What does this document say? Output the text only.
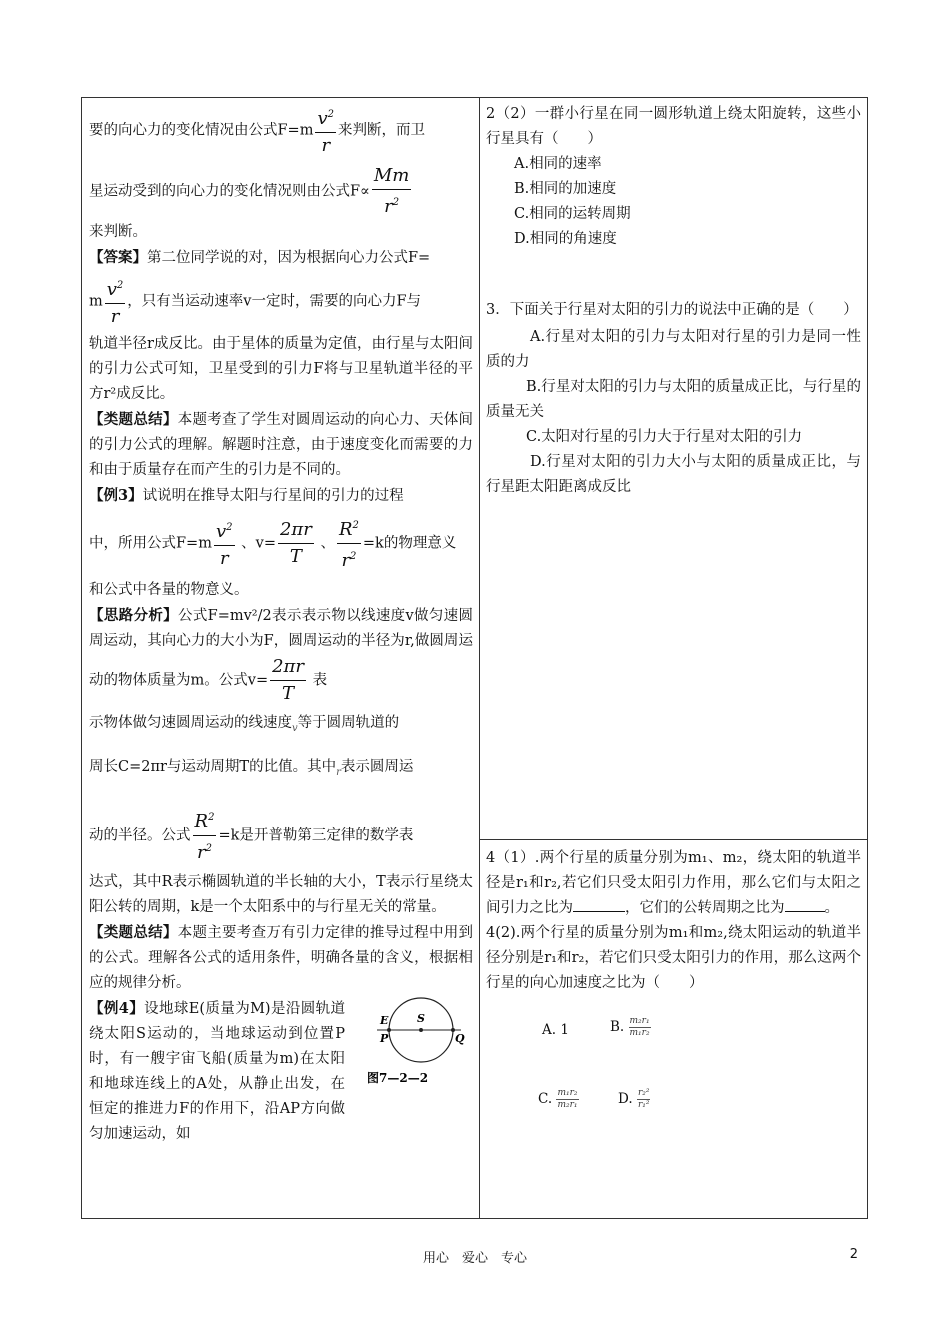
要的向心力的变化情况由公式$F=m \frac{v^2}{r}$ 来判断，而卫

星运动受到的向心力的变化情况则由公式$F\propto \frac{Mm}{r^2}$

来判断。

【答案】第二位同学说的对，因为根据向心力公式F=

m $\frac{v^2}{r}$ ，只有当运动速率v一定时，需要的向心力F与

轨道半径r成反比。由于星体的质量为定值，由行星与太阳间的引力公式可知，卫星受到的引力F将与卫星轨道半径的平方r²成反比。

【类题总结】本题考查了学生对圆周运动的向心力、天体间的引力公式的理解。解题时注意，由于速度变化而需要的力和由于质量存在而产生的引力是不同的。

【例3】试说明在推导太阳与行星间的引力的过程

中，所用公式$F=m \frac{v^2}{r}$ 、$v= \frac{2\pi r}{T}$ 、 $\frac{R^2}{r^2} =k$的物理意义

和公式中各量的物意义。

【思路分析】公式F=mv²/2表示表示物以线速度v做匀速圆周运动，其向心力的大小为F，圆周运动的半径为r,做圆周运动的物体质量为m。公式$v= \frac{2\pi r}{T}$ 表

示物体做匀速圆周运动的线速度$_v$等于圆周轨道的

周长C=2πr与运动周期T的比值。其中$_r$表示圆周运

动的半径。公式 $\frac{R^2}{r^2} =k$是开普勒第三定律的数学表

达式，其中R表示椭圆轨道的半长轴的大小，T表示行星绕太阳公转的周期，k是一个太阳系中的与行星无关的常量。

【类题总结】本题主要考查万有引力定律的推导过程中用到的公式。理解各公式的适用条件，明确各量的含义，根据相应的规律分析。

【例4】设地球E(质量为M)是沿圆轨道绕太阳S运动的，当地球运动到位置P时，有一艘宇宙飞船(质量为m)在太阳和地球连线上的A处，从静止出发，在恒定的推进力F的作用下，沿AP方向做匀加速运动，如

E	S
P	Q
图7—2—2

2（2）一群小行星在同一圆形轨道上绕太阳旋转，这些小行星具有（　　）

A.相同的速率

B.相同的加速度

C.相同的运转周期

D.相同的角速度

3．下面关于行星对太阳的引力的说法中正确的是（　　）

A.行星对太阳的引力与太阳对行星的引力是同一性质的力

B.行星对太阳的引力与太阳的质量成正比，与行星的质量无关

C.太阳对行星的引力大于行星对太阳的引力

D.行星对太阳的引力大小与太阳的质量成正比，与行星距太阳距离成反比

4（1）.两个行星的质量分别为m₁、m₂，绕太阳的轨道半径是r₁和r₂,若它们只受太阳引力作用，那么它们与太阳之间引力之比为	，它们的公转周期之比为	。

4(2).两个行星的质量分别为m₁和m₂,绕太阳运动的轨道半径分别是r₁和r₂，若它们只受太阳引力的作用，那么这两个行星的向心加速度之比为（　　）

A. 1	B. $\frac{\text{m₂r₁}}{\text{m₁r₂}}$
C. $\frac{\text{m₁r₂}}{\text{m₂r₁}}$	D. $\frac{\text{r₂²}}{\text{r₁²}}$
用心　爱心　专心	2
